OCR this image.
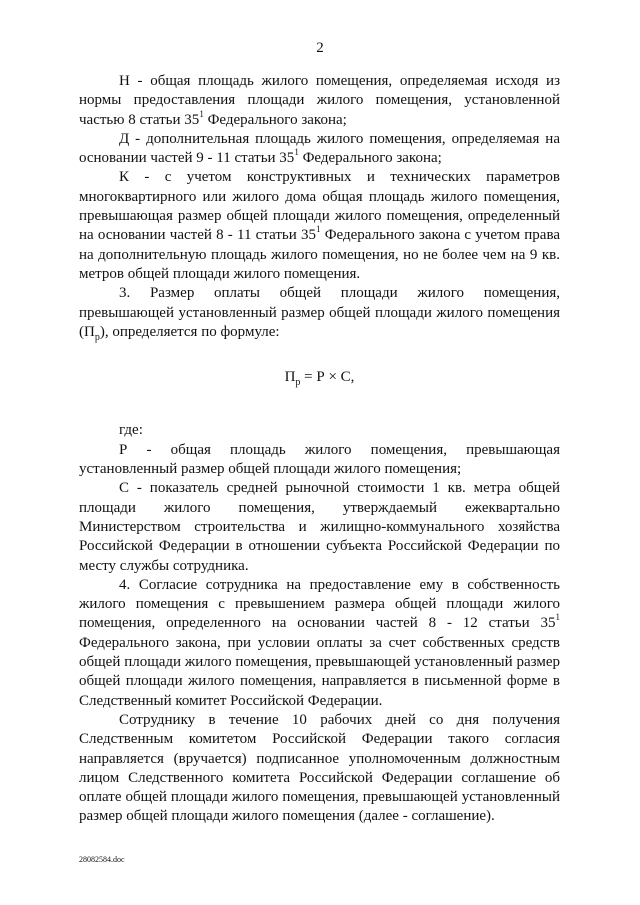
2

Н - общая площадь жилого помещения, определяемая исходя из нормы предоставления площади жилого помещения, установленной частью 8 статьи $35^1$ Федерального закона;

Д - дополнительная площадь жилого помещения, определяемая на основании частей 9 - 11 статьи $35^1$ Федерального закона;

К - с учетом конструктивных и технических параметров многоквартирного или жилого дома общая площадь жилого помещения, превышающая размер общей площади жилого помещения, определенный на основании частей 8 - 11 статьи $35^1$ Федерального закона с учетом права на дополнительную площадь жилого помещения, но не более чем на 9 кв. метров общей площади жилого помещения.

3. Размер оплаты общей площади жилого помещения, превышающей установленный размер общей площади жилого помещения $(П_р)$, определяется по формуле:

$П_р = Р \times С$,

где:

Р - общая площадь жилого помещения, превышающая установленный размер общей площади жилого помещения;

С - показатель средней рыночной стоимости 1 кв. метра общей площади жилого помещения, утверждаемый ежеквартально Министерством строительства и жилищно-коммунального хозяйства Российской Федерации в отношении субъекта Российской Федерации по месту службы сотрудника.

4. Согласие сотрудника на предоставление ему в собственность жилого помещения с превышением размера общей площади жилого помещения, определенного на основании частей 8 - 12 статьи $35^1$ Федерального закона, при условии оплаты за счет собственных средств общей площади жилого помещения, превышающей установленный размер общей площади жилого помещения, направляется в письменной форме в Следственный комитет Российской Федерации.

Сотруднику в течение 10 рабочих дней со дня получения Следственным комитетом Российской Федерации такого согласия направляется (вручается) подписанное уполномоченным должностным лицом Следственного комитета Российской Федерации соглашение об оплате общей площади жилого помещения, превышающей установленный размер общей площади жилого помещения (далее - соглашение).

28082584.doc
